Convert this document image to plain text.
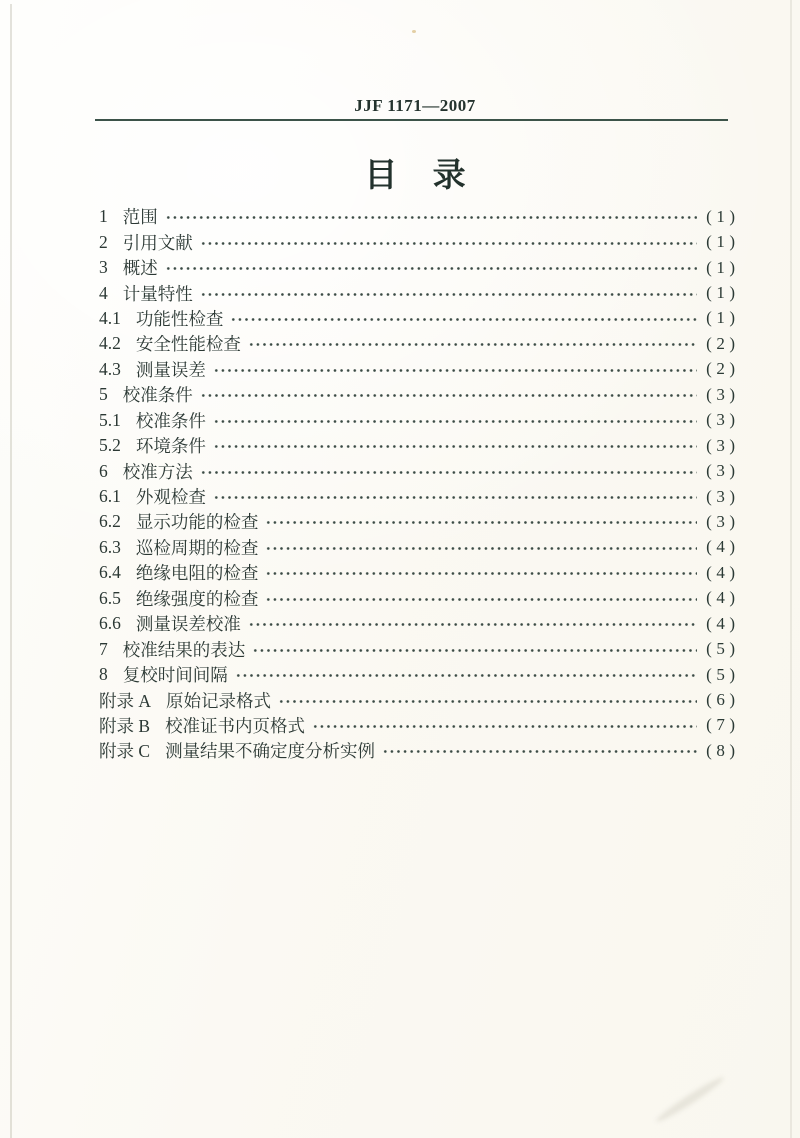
JJF 1171—2007
目 录
1 范围	(1)
2 引用文献	(1)
3 概述	(1)
4 计量特性	(1)
4.1 功能性检查	(1)
4.2 安全性能检查	(2)
4.3 测量误差	(2)
5 校准条件	(3)
5.1 校准条件	(3)
5.2 环境条件	(3)
6 校准方法	(3)
6.1 外观检查	(3)
6.2 显示功能的检查	(3)
6.3 巡检周期的检查	(4)
6.4 绝缘电阻的检查	(4)
6.5 绝缘强度的检查	(4)
6.6 测量误差校准	(4)
7 校准结果的表达	(5)
8 复校时间间隔	(5)
附录 A 原始记录格式	(6)
附录 B 校准证书内页格式	(7)
附录 C 测量结果不确定度分析实例	(8)
